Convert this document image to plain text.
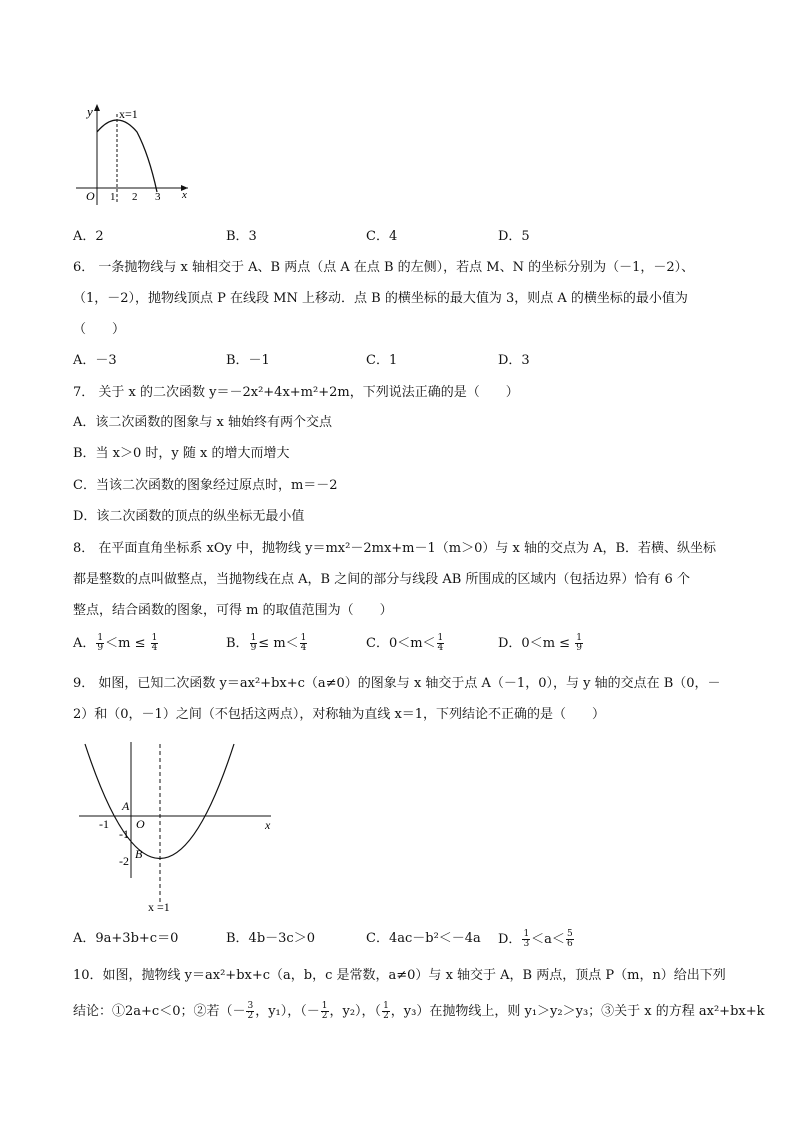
y
x
x=1
O 1 2 3
A．2	B．3	C．4	D．5
6． 一条抛物线与 x 轴相交于 A、B 两点（点 A 在点 B 的左侧），若点 M、N 的坐标分别为（－1，－2）、
（1，－2），抛物线顶点 P 在线段 MN 上移动．点 B 的横坐标的最大值为 3，则点 A 的横坐标的最小值为
（　　）
A．－3	B．－1	C．1	D．3
7． 关于 x 的二次函数 y＝－2x²+4x+m²+2m，下列说法正确的是（　　）
A．该二次函数的图象与 x 轴始终有两个交点
B．当 x＞0 时，y 随 x 的增大而增大
C．当该二次函数的图象经过原点时，m＝－2
D．该二次函数的顶点的纵坐标无最小值
8． 在平面直角坐标系 xOy 中，抛物线 y＝mx²－2mx+m－1（m＞0）与 x 轴的交点为 A，B．若横、纵坐标
都是整数的点叫做整点，当抛物线在点 A，B 之间的部分与线段 AB 所围成的区域内（包括边界）恰有 6 个
整点，结合函数的图象，可得 m 的取值范围为（　　）
A． $\frac{1}{9} <m \le \frac{1}{4}$	B． $\frac{1}{9} \le m< \frac{1}{4}$	C．$0<m< \frac{1}{4}$	D．$0<m \le \frac{1}{9}$
9． 如图，已知二次函数 y＝ax²+bx+c（a≠0）的图象与 x 轴交于点 A（－1，0），与 y 轴的交点在 B（0，－
2）和（0，－1）之间（不包括这两点），对称轴为直线 x＝1，下列结论不正确的是（　　）
A
-1 O
-1
B
-2
x
x =1
A．9a+3b+c＝0	B．4b－3c＞0	C．4ac－b²＜－4a D． $\frac{1}{3} <a< \frac{5}{6}$
10．如图，抛物线 y＝ax²+bx+c（a，b，c 是常数，a≠0）与 x 轴交于 A，B 两点，顶点 P（m，n）给出下列
结论：①2a+c＜0；②若（－ $\frac{3}{2}$ ，y₁），（－ $\frac{1}{2}$ ，y₂），（ $\frac{1}{2}$ ，y₃）在抛物线上，则 y₁＞y₂＞y₃；③关于 x 的方程 ax²+bx+k
